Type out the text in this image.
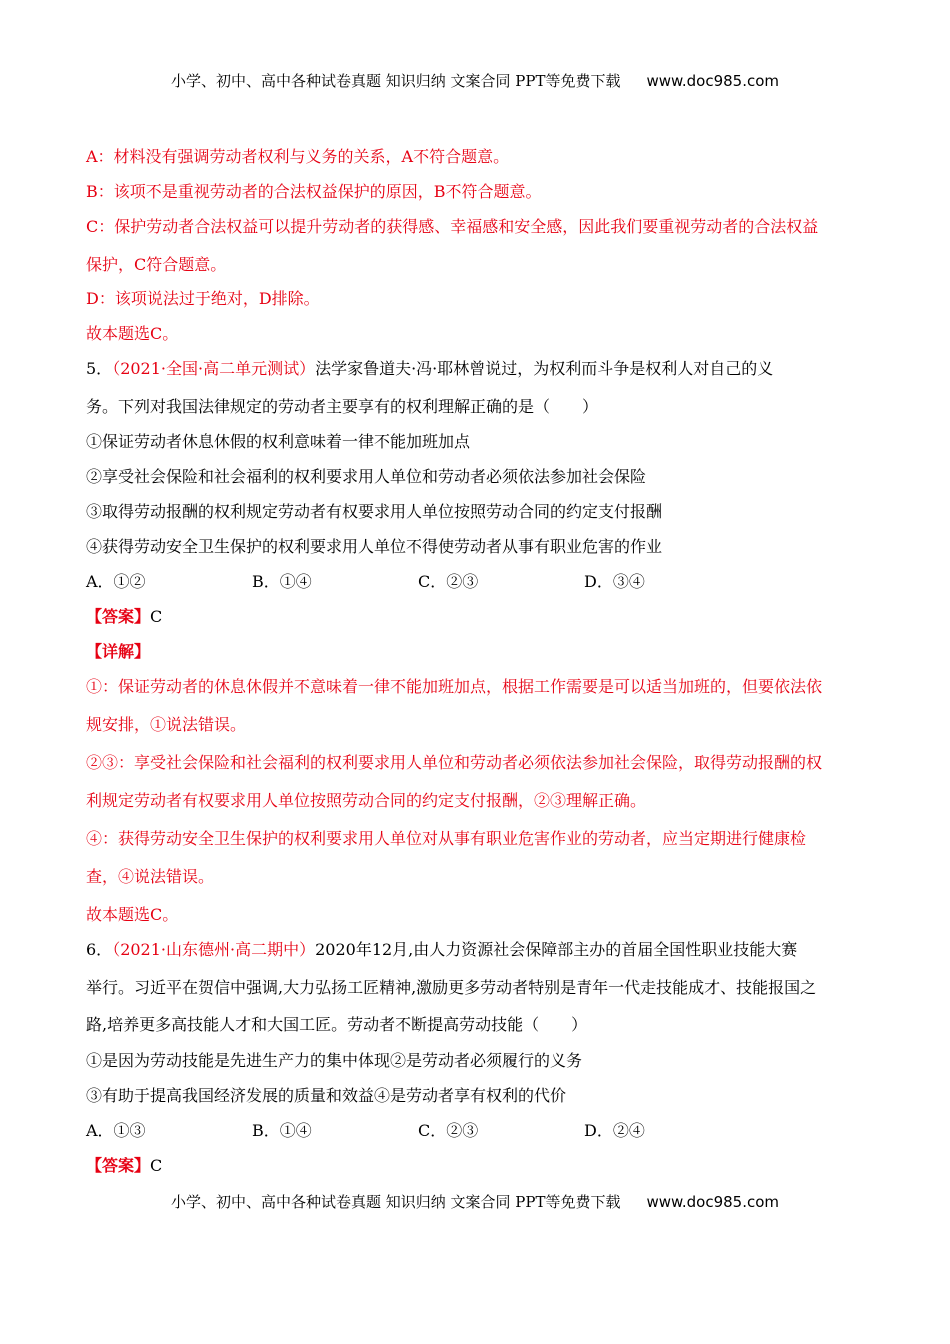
小学、初中、高中各种试卷真题 知识归纳 文案合同 PPT等免费下载 www.doc985.com
A：材料没有强调劳动者权利与义务的关系，A不符合题意。
B：该项不是重视劳动者的合法权益保护的原因，B不符合题意。
C：保护劳动者合法权益可以提升劳动者的获得感、幸福感和安全感，因此我们要重视劳动者的合法权益
保护，C符合题意。
D：该项说法过于绝对，D排除。
故本题选C。
5．（2021·全国·高二单元测试）法学家鲁道夫·冯·耶林曾说过，为权利而斗争是权利人对自己的义
务。下列对我国法律规定的劳动者主要享有的权利理解正确的是（　　）
①保证劳动者休息休假的权利意味着一律不能加班加点
②享受社会保险和社会福利的权利要求用人单位和劳动者必须依法参加社会保险
③取得劳动报酬的权利规定劳动者有权要求用人单位按照劳动合同的约定支付报酬
④获得劳动安全卫生保护的权利要求用人单位不得使劳动者从事有职业危害的作业
A．①②	B．①④	C．②③	D．③④
【答案】C
【详解】
①：保证劳动者的休息休假并不意味着一律不能加班加点，根据工作需要是可以适当加班的，但要依法依
规安排，①说法错误。
②③：享受社会保险和社会福利的权利要求用人单位和劳动者必须依法参加社会保险，取得劳动报酬的权
利规定劳动者有权要求用人单位按照劳动合同的约定支付报酬，②③理解正确。
④：获得劳动安全卫生保护的权利要求用人单位对从事有职业危害作业的劳动者，应当定期进行健康检
查，④说法错误。
故本题选C。
6．（2021·山东德州·高二期中）2020年12月,由人力资源社会保障部主办的首届全国性职业技能大赛
举行。习近平在贺信中强调,大力弘扬工匠精神,激励更多劳动者特别是青年一代走技能成才、技能报国之
路,培养更多高技能人才和大国工匠。劳动者不断提高劳动技能（　　）
①是因为劳动技能是先进生产力的集中体现②是劳动者必须履行的义务
③有助于提高我国经济发展的质量和效益④是劳动者享有权利的代价
A．①③	B．①④	C．②③	D．②④
【答案】C
小学、初中、高中各种试卷真题 知识归纳 文案合同 PPT等免费下载 www.doc985.com
